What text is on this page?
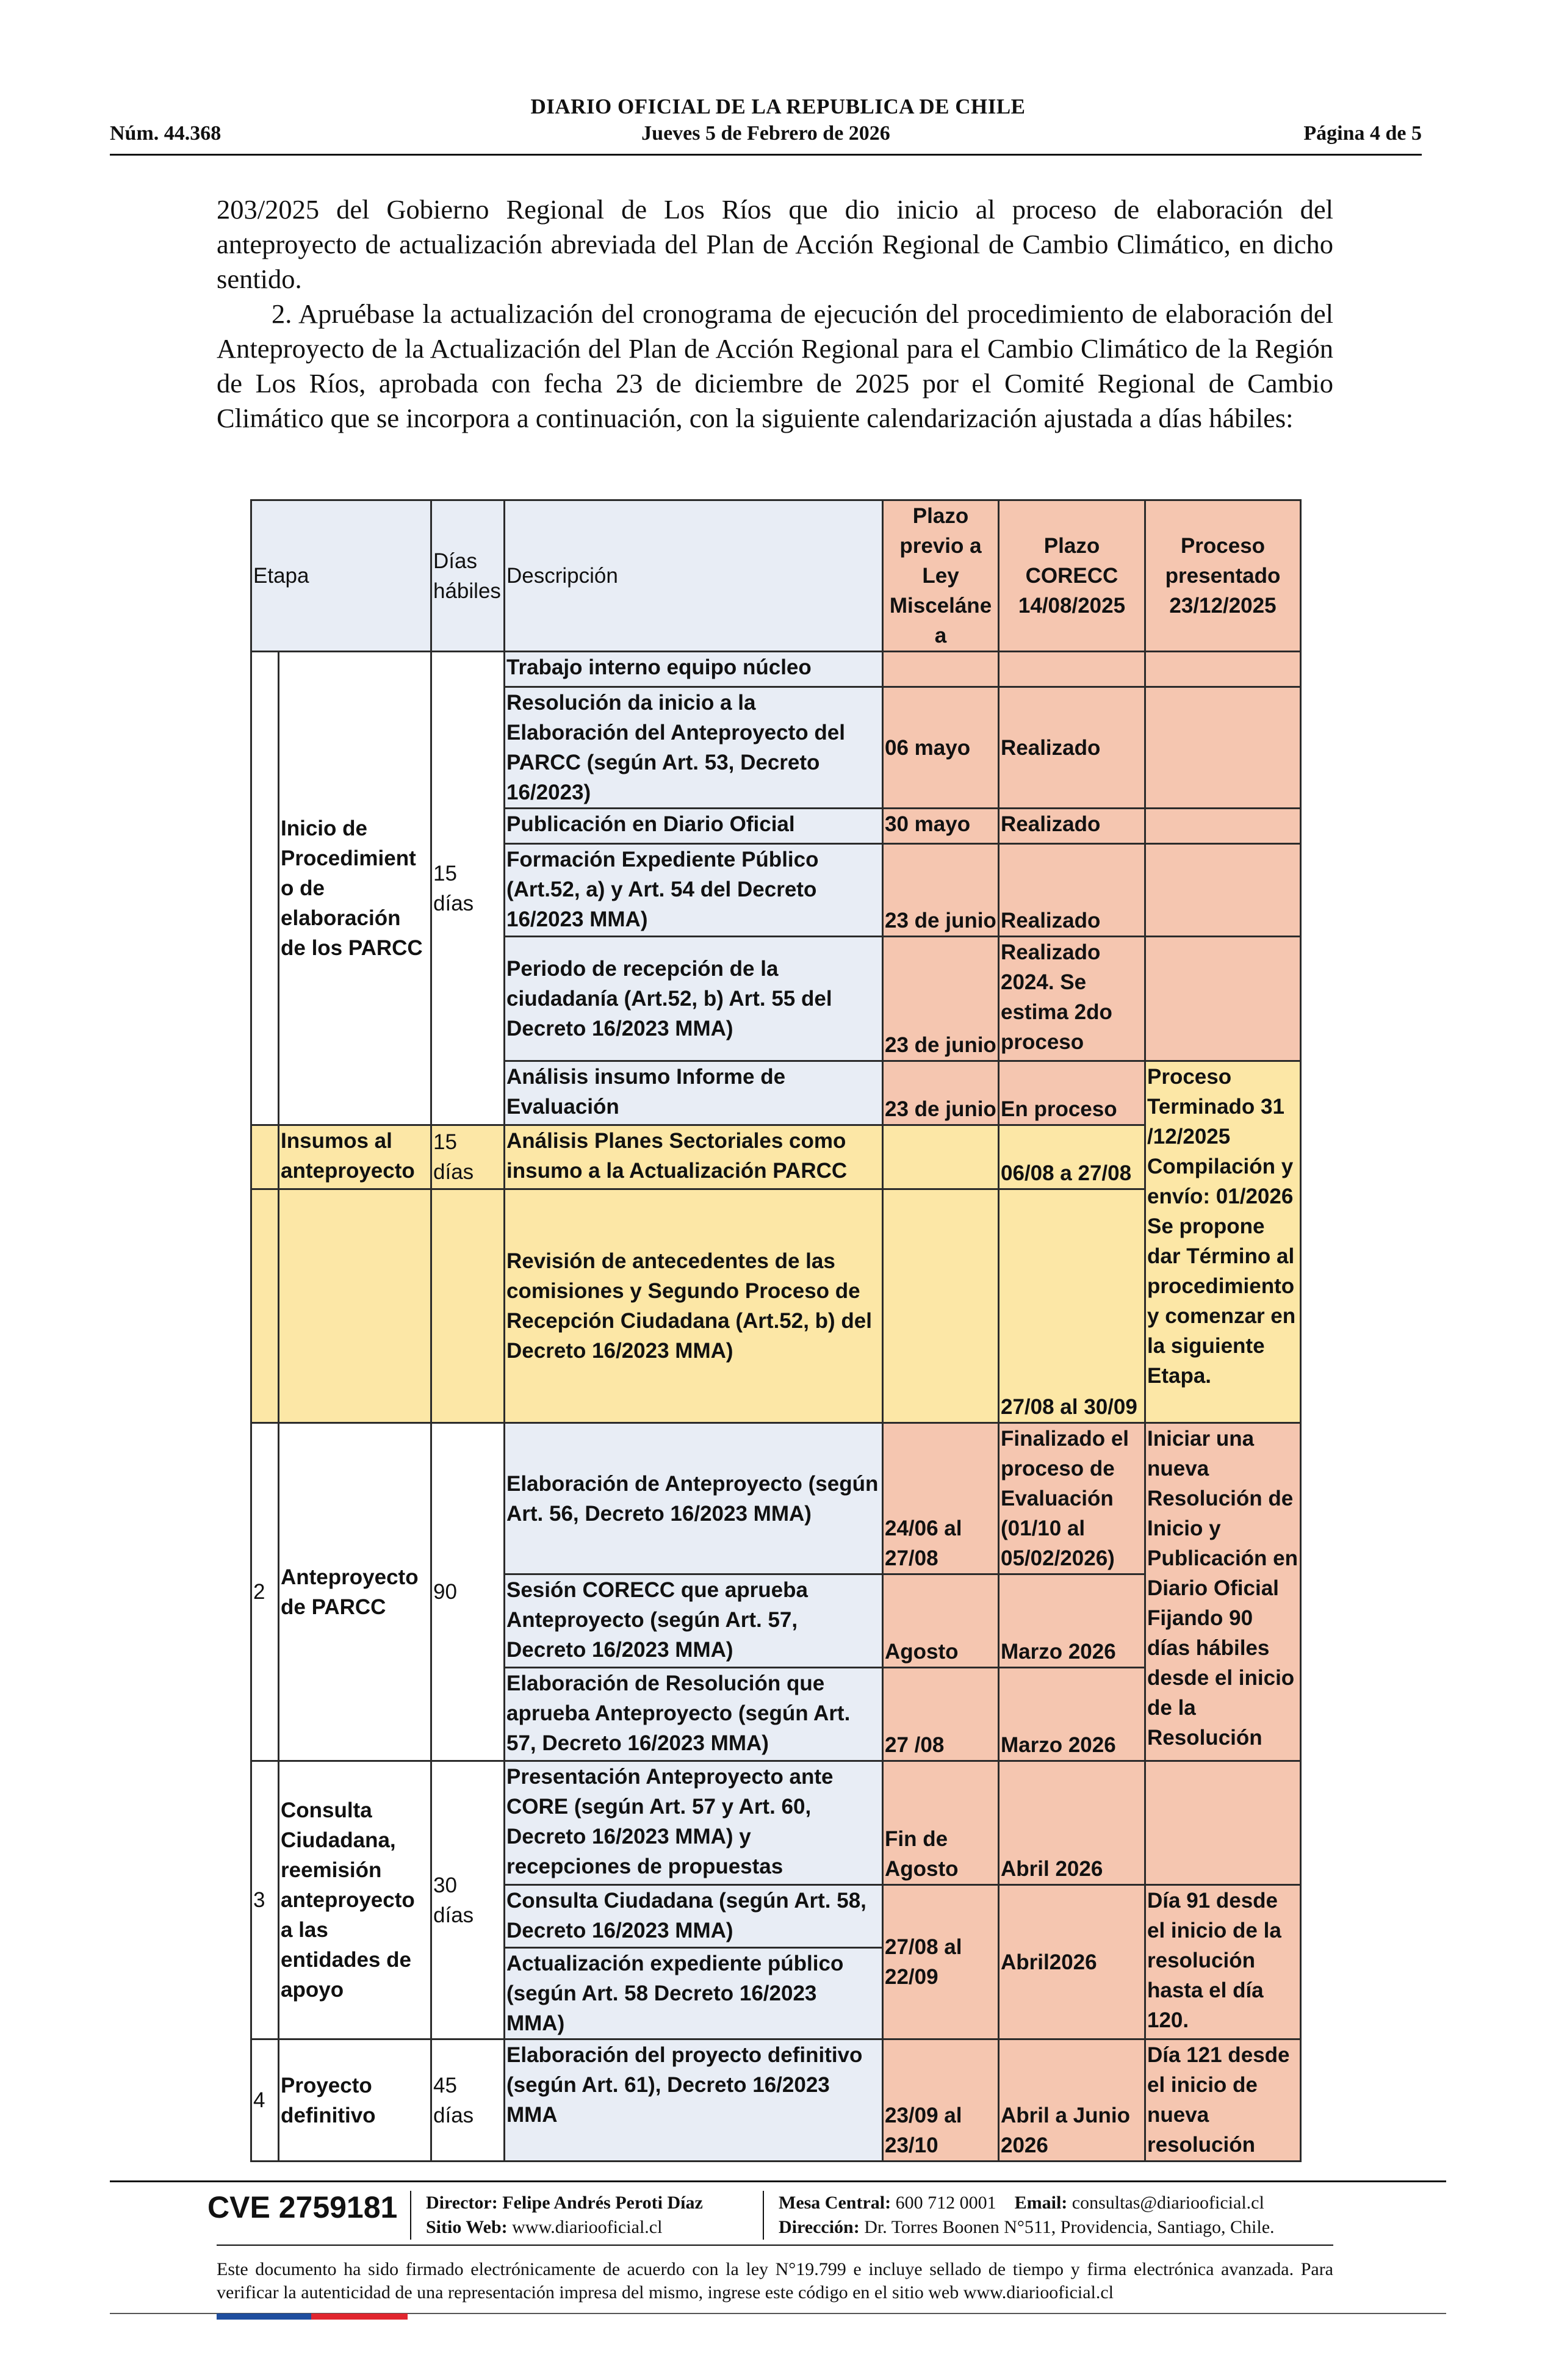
DIARIO OFICIAL DE LA REPUBLICA DE CHILE
Núm. 44.368	Jueves 5 de Febrero de 2026	Página 4 de 5

203/2025 del Gobierno Regional de Los Ríos que dio inicio al proceso de elaboración del anteproyecto de actualización abreviada del Plan de Acción Regional de Cambio Climático, en dicho sentido.

2. Apruébase la actualización del cronograma de ejecución del procedimiento de elaboración del Anteproyecto de la Actualización del Plan de Acción Regional para el Cambio Climático de la Región de Los Ríos, aprobada con fecha 23 de diciembre de 2025 por el Comité Regional de Cambio Climático que se incorpora a continuación, con la siguiente calendarización ajustada a días hábiles:

Etapa		Días hábiles	Descripción	Plazo previo a Ley Miscelánea	Plazo CORECC 14/08/2025	Proceso presentado 23/12/2025
	Inicio de Procedimiento de elaboración de los PARCC	15 días	Trabajo interno equipo núcleo			
			Resolución da inicio a la Elaboración del Anteproyecto del PARCC (según Art. 53, Decreto 16/2023)	06 mayo	Realizado	
			Publicación en Diario Oficial	30 mayo	Realizado	
			Formación Expediente Público (Art.52, a) y Art. 54 del Decreto 16/2023 MMA)	23 de junio	Realizado	
			Periodo de recepción de la ciudadanía (Art.52, b) Art. 55 del Decreto 16/2023 MMA)	23 de junio	Realizado 2024. Se estima 2do proceso	
			Análisis insumo Informe de Evaluación	23 de junio	En proceso	Proceso Terminado 31 /12/2025 Compilación y envío: 01/2026 Se propone dar Término al procedimiento y comenzar en la siguiente Etapa.
	Insumos al anteproyecto	15 días	Análisis Planes Sectoriales como insumo a la Actualización PARCC		06/08 a 27/08	
			Revisión de antecedentes de las comisiones y Segundo Proceso de Recepción Ciudadana (Art.52, b) del Decreto 16/2023 MMA)		27/08 al 30/09	
2	Anteproyecto de PARCC	90	Elaboración de Anteproyecto (según Art. 56, Decreto 16/2023 MMA)	24/06 al 27/08	Finalizado el proceso de Evaluación (01/10 al 05/02/2026)	Iniciar una nueva Resolución de Inicio y Publicación en Diario Oficial Fijando 90 días hábiles desde el inicio de la Resolución
			Sesión CORECC que aprueba Anteproyecto (según Art. 57, Decreto 16/2023 MMA)	Agosto	Marzo 2026	
			Elaboración de Resolución que aprueba Anteproyecto (según Art. 57, Decreto 16/2023 MMA)	27 /08	Marzo 2026	
3	Consulta Ciudadana, reemisión anteproyecto a las entidades de apoyo	30 días	Presentación Anteproyecto ante CORE (según Art. 57 y Art. 60, Decreto 16/2023 MMA) y recepciones de propuestas	Fin de Agosto	Abril 2026	
			Consulta Ciudadana (según Art. 58, Decreto 16/2023 MMA)	27/08 al 22/09	Abril2026	Día 91 desde el inicio de la resolución hasta el día 120.
			Actualización expediente público (según Art. 58 Decreto 16/2023 MMA)			
4	Proyecto definitivo	45 días	Elaboración del proyecto definitivo (según Art. 61), Decreto 16/2023 MMA	23/09 al 23/10	Abril a Junio 2026	Día 121 desde el inicio de nueva resolución
CVE 2759181 Director: Felipe Andrés Peroti Díaz
Sitio Web: www.diariooficial.cl
Mesa Central: 600 712 0001 Email: consultas@diariooficial.cl
Dirección: Dr. Torres Boonen N°511, Providencia, Santiago, Chile.
Este documento ha sido firmado electrónicamente de acuerdo con la ley N°19.799 e incluye sellado de tiempo y firma electrónica avanzada. Para verificar la autenticidad de una representación impresa del mismo, ingrese este código en el sitio web www.diariooficial.cl
